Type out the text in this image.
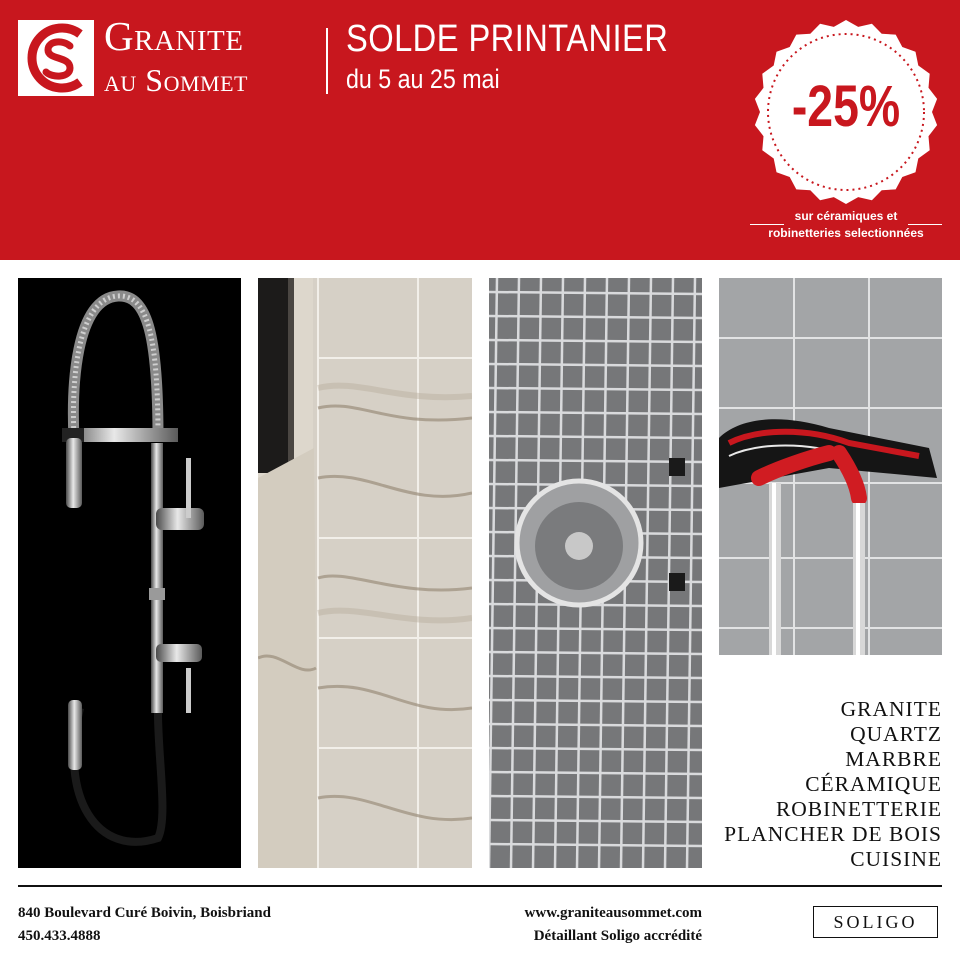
Granite
au Sommet
SOLDE PRINTANIER
du 5 au 25 mai	-25%
sur céramiques et
robinetteries selectionnées
GRANITE
QUARTZ
MARBRE
CÉRAMIQUE
ROBINETTERIE
PLANCHER DE BOIS
CUISINE
840 Boulevard Curé Boivin, Boisbriand
450.433.4888
www.graniteausommet.com
Détaillant Soligo accrédité
SOLIGO
